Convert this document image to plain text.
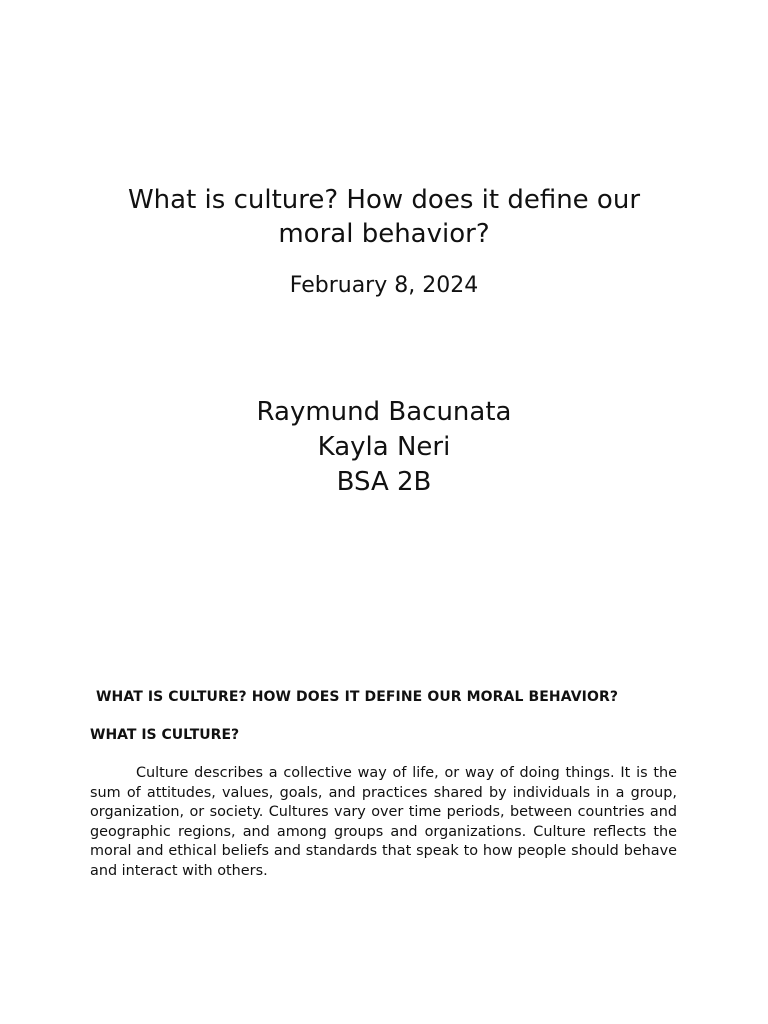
What is culture? How does it define our moral behavior?
February 8, 2024
Raymund Bacunata
Kayla Neri
BSA 2B
WHAT IS CULTURE? HOW DOES IT DEFINE OUR MORAL BEHAVIOR?
WHAT IS CULTURE?

Culture describes a collective way of life, or way of doing things. It is the sum of attitudes, values, goals, and practices shared by individuals in a group, organization, or society. Cultures vary over time periods, between countries and geographic regions, and among groups and organizations. Culture reflects the moral and ethical beliefs and standards that speak to how people should behave and interact with others.
